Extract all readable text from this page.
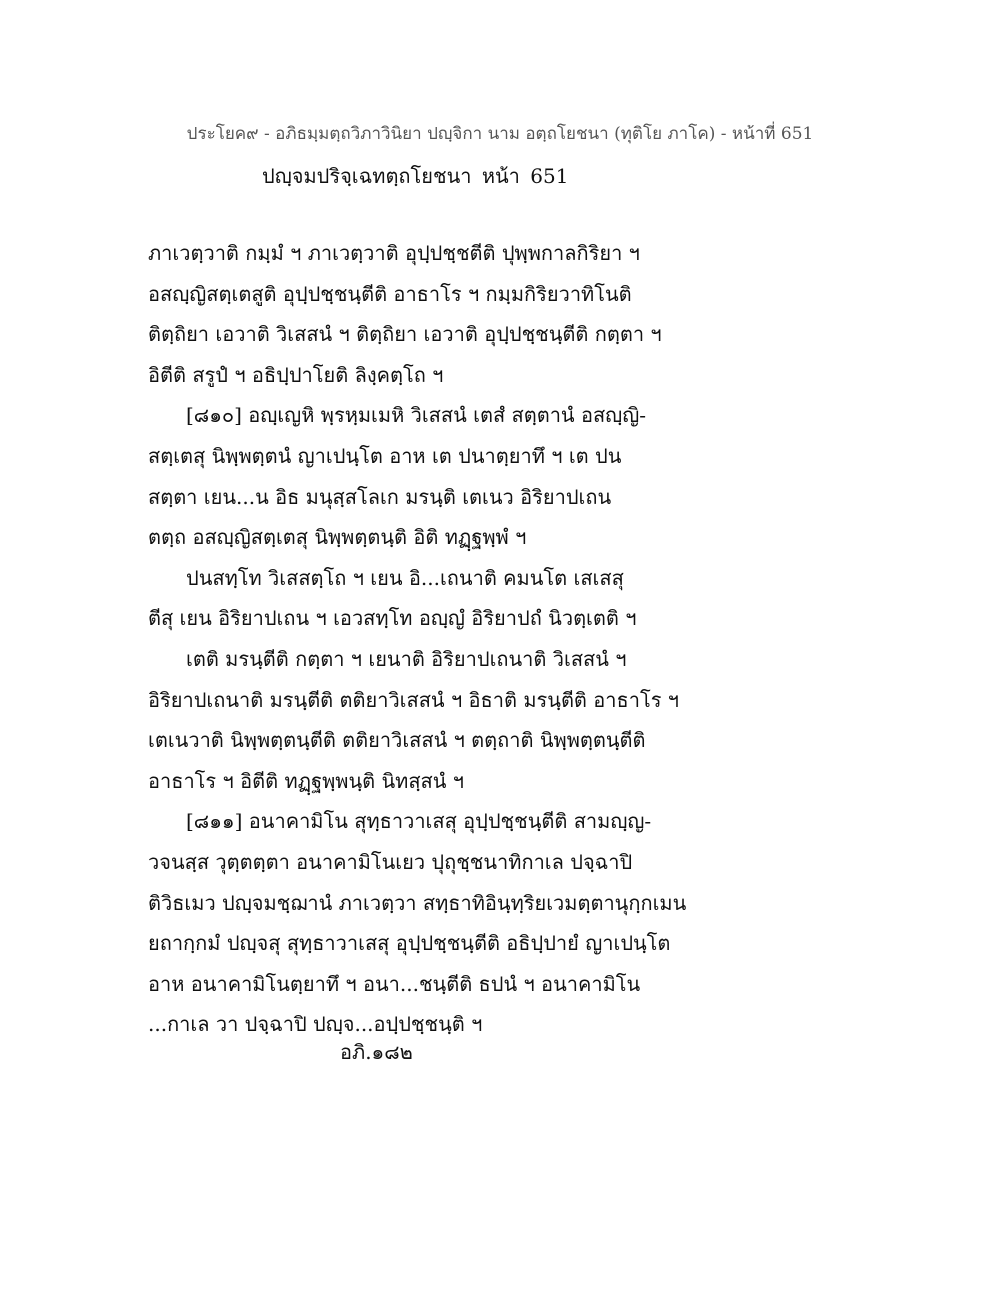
ประโยค๙ - อภิธมฺมตฺถวิภาวินิยา ปญฺจิกา นาม อตฺถโยชนา (ทุติโย ภาโค) - หน้าที่ 651
ปญฺจมปริจฺเฉทตฺถโยชนา หน้า 651
ภาเวตฺวาติ กมฺมํ ฯ ภาเวตฺวาติ อุปฺปชฺชตีติ ปุพฺพกาลกิริยา ฯ
อสญฺญิสตฺเตสูติ อุปฺปชฺชนฺตีติ อาธาโร ฯ กมฺมกิริยวาทิโนติ
ติตฺถิยา เอวาติ วิเสสนํ ฯ ติตฺถิยา เอวาติ อุปฺปชฺชนฺตีติ กตฺตา ฯ
อิตีติ สรูปํ ฯ อธิปฺปาโยติ ลิงฺคตฺโถ ฯ
[๘๑๐] อญฺเญหิ พฺรหฺมเมหิ วิเสสนํ เตสํ สตฺตานํ อสญฺญิ-
สตฺเตสุ นิพฺพตฺตนํ ญาเปนฺโต อาห เต ปนาตฺยาทึ ฯ เต ปน
สตฺตา เยน...น อิธ มนุสฺสโลเก มรนฺติ เตเนว อิริยาปเถน
ตตฺถ อสญฺญิสตฺเตสุ นิพฺพตฺตนฺติ อิติ ทฏฺฐพฺพํ ฯ
ปนสทฺโท วิเสสตฺโถ ฯ เยน อิ...เถนาติ คมนโต เสเสสุ
ตีสุ เยน อิริยาปเถน ฯ เอวสทฺโท อญฺญํ อิริยาปถํ นิวตฺเตติ ฯ
เตติ มรนฺตีติ กตฺตา ฯ เยนาติ อิริยาปเถนาติ วิเสสนํ ฯ
อิริยาปเถนาติ มรนฺตีติ ตติยาวิเสสนํ ฯ อิธาติ มรนฺตีติ อาธาโร ฯ
เตเนวาติ นิพฺพตฺตนฺตีติ ตติยาวิเสสนํ ฯ ตตฺถาติ นิพฺพตฺตนฺตีติ
อาธาโร ฯ อิตีติ ทฏฺฐพฺพนฺติ นิทสฺสนํ ฯ
[๘๑๑] อนาคามิโน สุทฺธาวาเสสุ อุปฺปชฺชนฺตีติ สามญฺญ-
วจนสฺส วุตฺตตฺตา อนาคามิโนเยว ปุถุชฺชนาทิกาเล ปจฺฉาปิ
ติวิธเมว ปญฺจมชฺฌานํ ภาเวตฺวา สทฺธาทิอินฺทฺริยเวมตฺตานุกฺกเมน
ยถากฺกมํ ปญฺจสุ สุทฺธาวาเสสุ อุปฺปชฺชนฺตีติ อธิปฺปายํ ญาเปนฺโต
อาห อนาคามิโนตฺยาทึ ฯ อนา...ชนฺตีติ ธปนํ ฯ อนาคามิโน
...กาเล วา ปจฺฉาปิ ปญฺจ...อปฺปชฺชนฺติ ฯ
อภิ.๑๘๒
